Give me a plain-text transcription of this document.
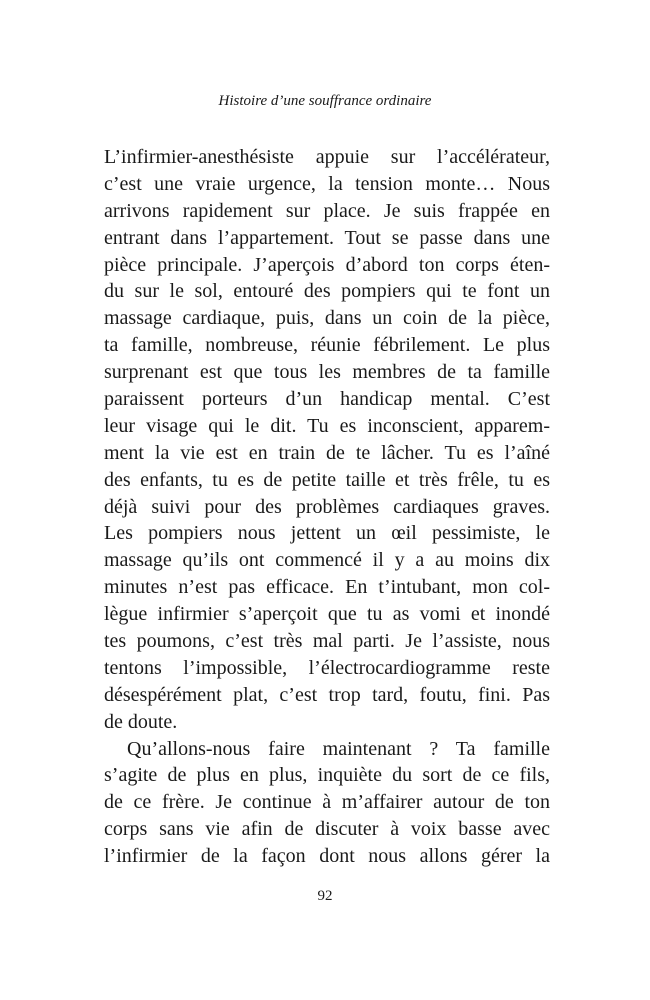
Histoire d’une souffrance ordinaire
L’infirmier-anesthésiste appuie sur l’accélérateur,
c’est une vraie urgence, la tension monte… Nous
arrivons rapidement sur place. Je suis frappée en
entrant dans l’appartement. Tout se passe dans une
pièce principale. J’aperçois d’abord ton corps éten-
du sur le sol, entouré des pompiers qui te font un
massage cardiaque, puis, dans un coin de la pièce,
ta famille, nombreuse, réunie fébrilement. Le plus
surprenant est que tous les membres de ta famille
paraissent porteurs d’un handicap mental. C’est
leur visage qui le dit. Tu es inconscient, apparem-
ment la vie est en train de te lâcher. Tu es l’aîné
des enfants, tu es de petite taille et très frêle, tu es
déjà suivi pour des problèmes cardiaques graves.
Les pompiers nous jettent un œil pessimiste, le
massage qu’ils ont commencé il y a au moins dix
minutes n’est pas efficace. En t’intubant, mon col-
lègue infirmier s’aperçoit que tu as vomi et inondé
tes poumons, c’est très mal parti. Je l’assiste, nous
tentons l’impossible, l’électrocardiogramme reste
désespérément plat, c’est trop tard, foutu, fini. Pas
de doute.
Qu’allons-nous faire maintenant ? Ta famille
s’agite de plus en plus, inquiète du sort de ce fils,
de ce frère. Je continue à m’affairer autour de ton
corps sans vie afin de discuter à voix basse avec
l’infirmier de la façon dont nous allons gérer la
92
